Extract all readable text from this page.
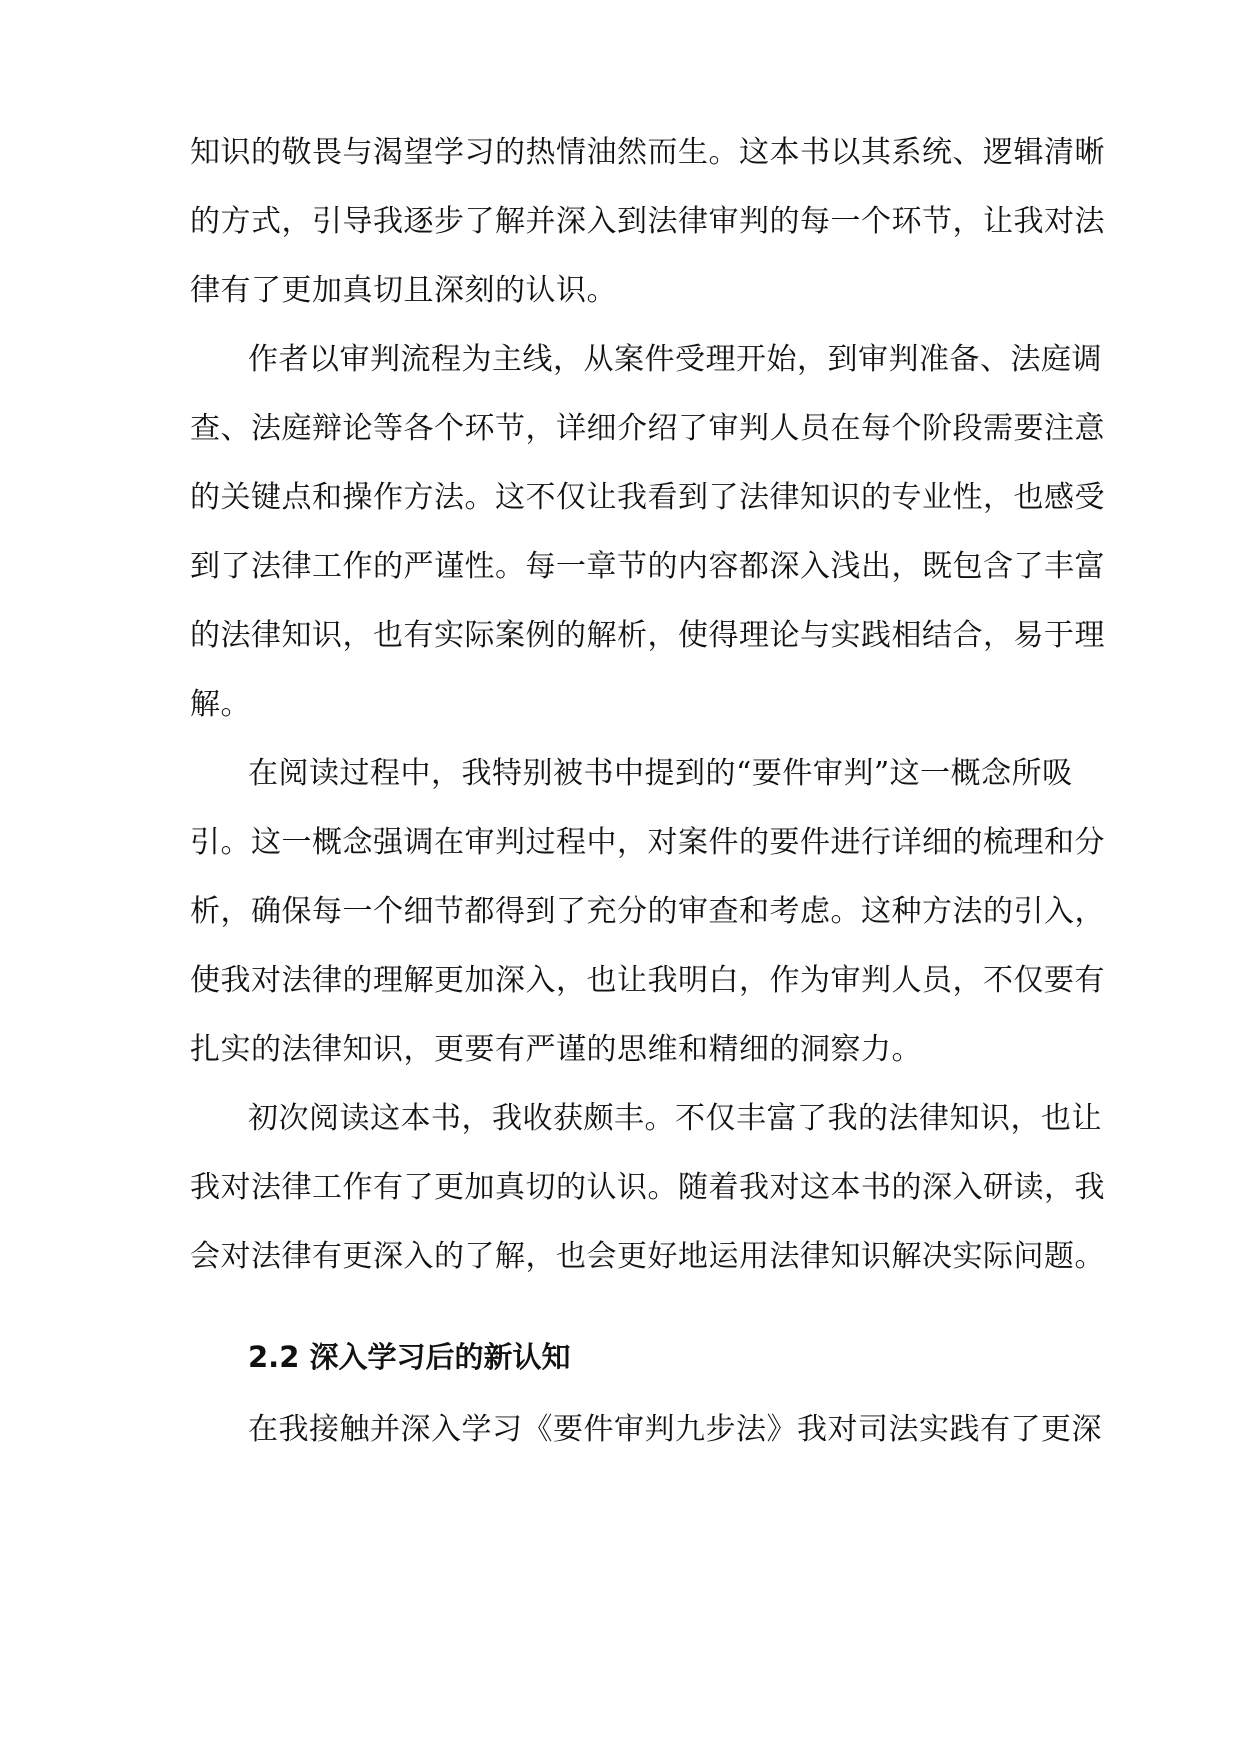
知识的敬畏与渴望学习的热情油然而生。这本书以其系统、逻辑清晰

的方式，引导我逐步了解并深入到法律审判的每一个环节，让我对法

律有了更加真切且深刻的认识。

作者以审判流程为主线，从案件受理开始，到审判准备、法庭调

查、法庭辩论等各个环节，详细介绍了审判人员在每个阶段需要注意

的关键点和操作方法。这不仅让我看到了法律知识的专业性，也感受

到了法律工作的严谨性。每一章节的内容都深入浅出，既包含了丰富

的法律知识，也有实际案例的解析，使得理论与实践相结合，易于理

解。

在阅读过程中，我特别被书中提到的“要件审判”这一概念所吸

引。这一概念强调在审判过程中，对案件的要件进行详细的梳理和分

析，确保每一个细节都得到了充分的审查和考虑。这种方法的引入，

使我对法律的理解更加深入，也让我明白，作为审判人员，不仅要有

扎实的法律知识，更要有严谨的思维和精细的洞察力。

初次阅读这本书，我收获颇丰。不仅丰富了我的法律知识，也让

我对法律工作有了更加真切的认识。随着我对这本书的深入研读，我

会对法律有更深入的了解，也会更好地运用法律知识解决实际问题。

2.2 深入学习后的新认知

在我接触并深入学习《要件审判九步法》我对司法实践有了更深
